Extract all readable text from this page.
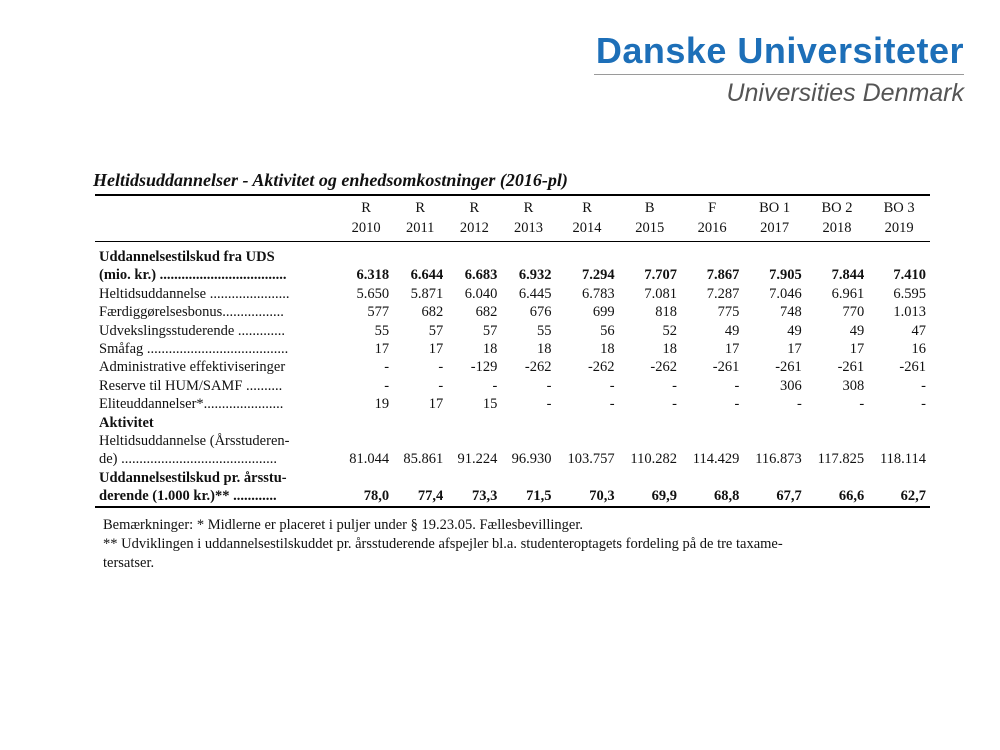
Danske Universiteter
Universities Denmark
Heltidsuddannelser - Aktivitet og enhedsomkostninger (2016-pl)
	R	R	R	R	R	B	F	BO 1	BO 2	BO 3
	2010	2011	2012	2013	2014	2015	2016	2017	2018	2019
Uddannelsestilskud fra UDS										
(mio. kr.) ...................................	6.318	6.644	6.683	6.932	7.294	7.707	7.867	7.905	7.844	7.410
Heltidsuddannelse ......................	5.650	5.871	6.040	6.445	6.783	7.081	7.287	7.046	6.961	6.595
Færdiggørelsesbonus.................	577	682	682	676	699	818	775	748	770	1.013
Udvekslingsstuderende .............	55	57	57	55	56	52	49	49	49	47
Småfag .......................................	17	17	18	18	18	18	17	17	17	16
Administrative effektiviseringer	-	-	-129	-262	-262	-262	-261	-261	-261	-261
Reserve til HUM/SAMF ..........	-	-	-	-	-	-	-	306	308	-
Eliteuddannelser*......................	19	17	15	-	-	-	-	-	-	-
Aktivitet										
Heltidsuddannelse (Årsstuderen-										
de) ...........................................	81.044	85.861	91.224	96.930	103.757	110.282	114.429	116.873	117.825	118.114
Uddannelsestilskud pr. årsstu-										
derende (1.000 kr.)** ............	78,0	77,4	73,3	71,5	70,3	69,9	68,8	67,7	66,6	62,7

Bemærkninger: * Midlerne er placeret i puljer under § 19.23.05. Fællesbevillinger.

** Udviklingen i uddannelsestilskuddet pr. årsstuderende afspejler bl.a. studenteroptagets fordeling på de tre taxame-

tersatser.
